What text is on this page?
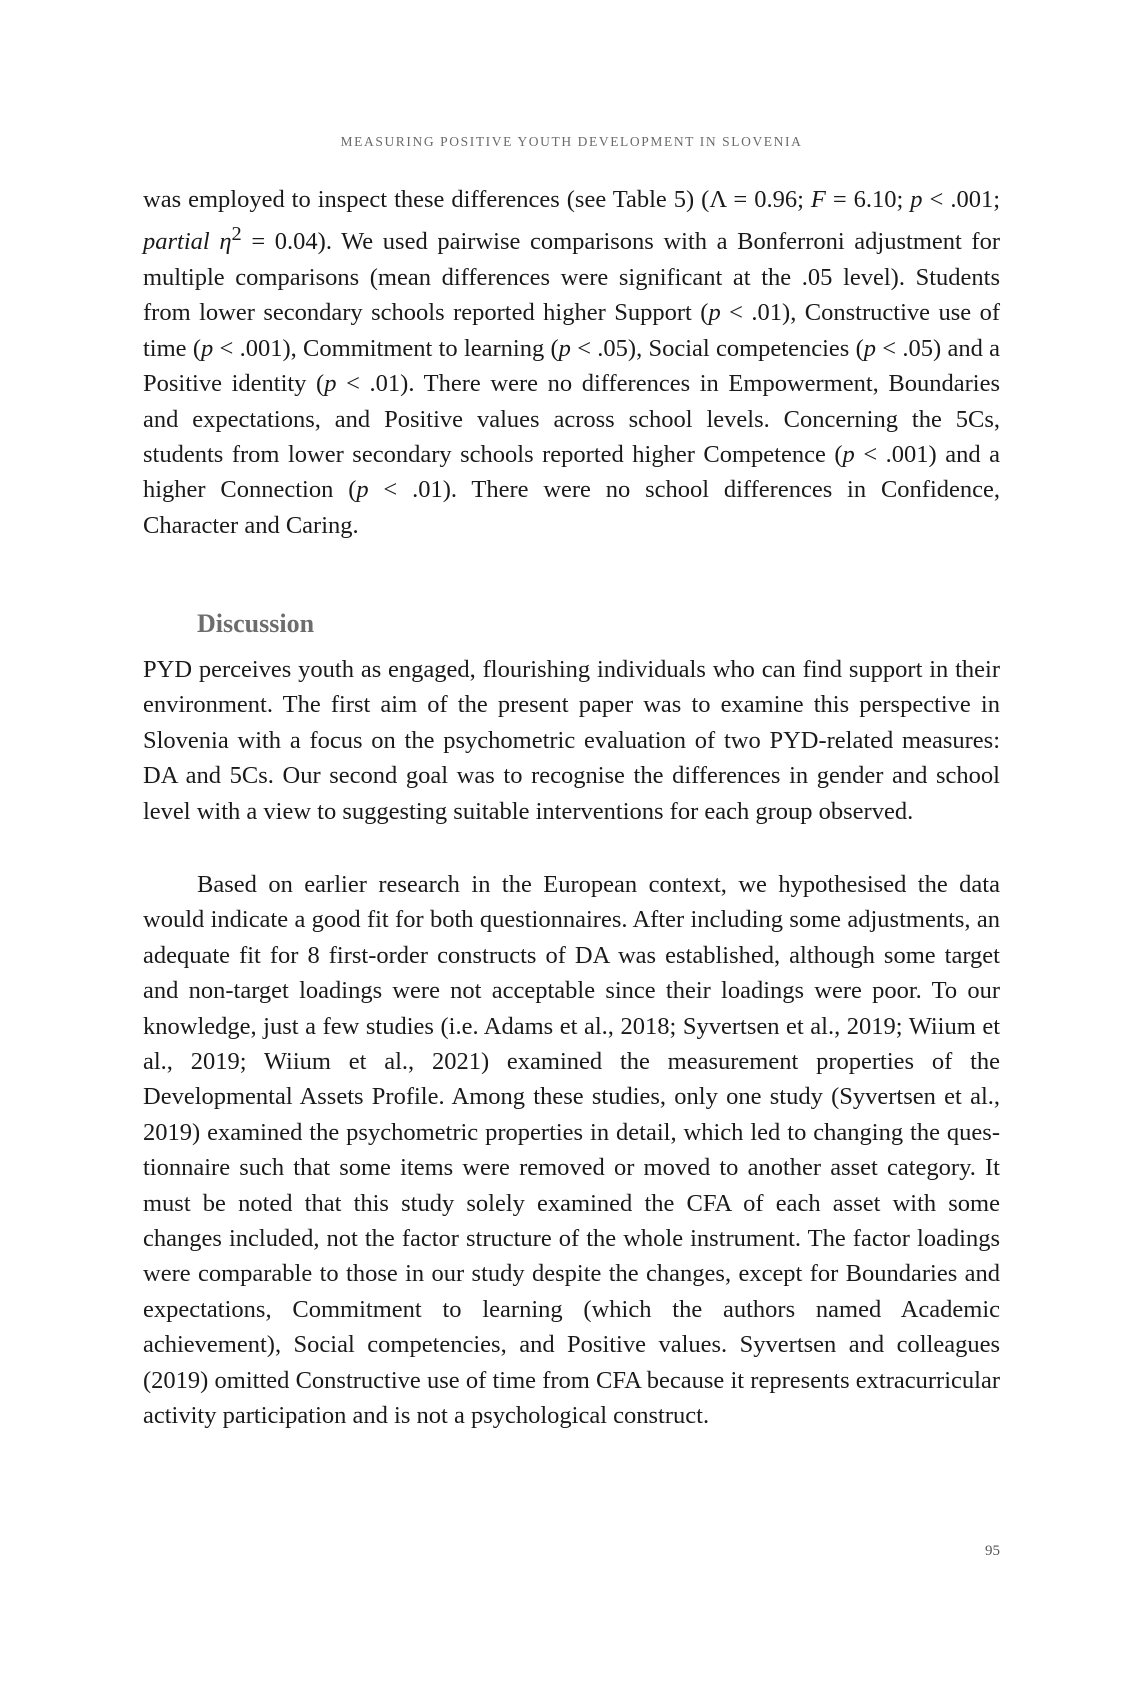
MEASURING POSITIVE YOUTH DEVELOPMENT IN SLOVENIA
was employed to inspect these differences (see Table 5) (Λ = 0.96; F = 6.10; p < .001; partial $\eta^2 = 0.04$). We used pairwise comparisons with a Bonferroni adjustment for multiple comparisons (mean differences were significant at the .05 level). Students from lower secondary schools reported higher Support (p < .01), Constructive use of time (p < .001), Commitment to learning (p < .05), Social competencies (p < .05) and a Positive identity (p < .01). There were no differences in Empowerment, Boundaries and expectations, and Positive values across school levels. Concerning the 5Cs, students from lower secondary schools reported higher Competence (p < .001) and a higher Connection (p < .01). There were no school differences in Confidence, Character and Caring.
Discussion
PYD perceives youth as engaged, flourishing individuals who can find support in their environment. The first aim of the present paper was to examine this perspective in Slovenia with a focus on the psychometric evaluation of two PYD-related measures: DA and 5Cs. Our second goal was to recognise the differences in gender and school level with a view to suggesting suitable interventions for each group observed.
Based on earlier research in the European context, we hypothesised the data would indicate a good fit for both questionnaires. After including some adjustments, an adequate fit for 8 first-order constructs of DA was established, although some target and non-target loadings were not acceptable since their loadings were poor. To our knowledge, just a few studies (i.e. Adams et al., 2018; Syvertsen et al., 2019; Wiium et al., 2019; Wiium et al., 2021) examined the measurement properties of the Developmental Assets Profile. Among these studies, only one study (Syvertsen et al., 2019) examined the psychometric properties in detail, which led to changing the questionnaire such that some items were removed or moved to another asset category. It must be noted that this study solely examined the CFA of each asset with some changes included, not the factor structure of the whole instrument. The factor loadings were comparable to those in our study despite the changes, except for Boundaries and expectations, Commitment to learning (which the authors named Academic achievement), Social competencies, and Positive values. Syvertsen and colleagues (2019) omitted Constructive use of time from CFA because it represents extracurricular activity participation and is not a psychological construct.
95
